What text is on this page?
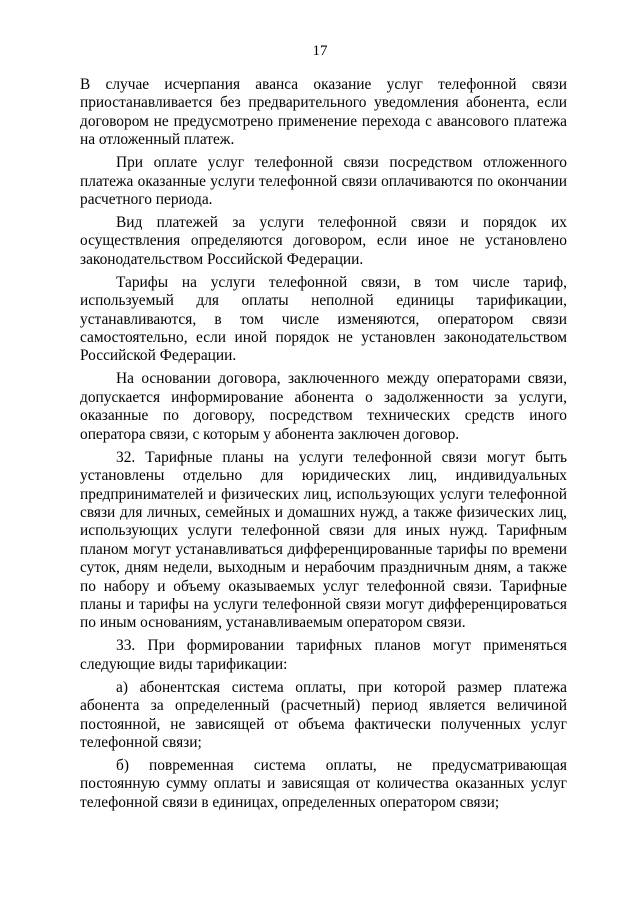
17

В случае исчерпания аванса оказание услуг телефонной связи приостанавливается без предварительного уведомления абонента, если договором не предусмотрено применение перехода с авансового платежа на отложенный платеж.

При оплате услуг телефонной связи посредством отложенного платежа оказанные услуги телефонной связи оплачиваются по окончании расчетного периода.

Вид платежей за услуги телефонной связи и порядок их осуществления определяются договором, если иное не установлено законодательством Российской Федерации.

Тарифы на услуги телефонной связи, в том числе тариф, используемый для оплаты неполной единицы тарификации, устанавливаются, в том числе изменяются, оператором связи самостоятельно, если иной порядок не установлен законодательством Российской Федерации.

На основании договора, заключенного между операторами связи, допускается информирование абонента о задолженности за услуги, оказанные по договору, посредством технических средств иного оператора связи, с которым у абонента заключен договор.

32. Тарифные планы на услуги телефонной связи могут быть установлены отдельно для юридических лиц, индивидуальных предпринимателей и физических лиц, использующих услуги телефонной связи для личных, семейных и домашних нужд, а также физических лиц, использующих услуги телефонной связи для иных нужд. Тарифным планом могут устанавливаться дифференцированные тарифы по времени суток, дням недели, выходным и нерабочим праздничным дням, а также по набору и объему оказываемых услуг телефонной связи. Тарифные планы и тарифы на услуги телефонной связи могут дифференцироваться по иным основаниям, устанавливаемым оператором связи.

33. При формировании тарифных планов могут применяться следующие виды тарификации:

а) абонентская система оплаты, при которой размер платежа абонента за определенный (расчетный) период является величиной постоянной, не зависящей от объема фактически полученных услуг телефонной связи;

б) повременная система оплаты, не предусматривающая постоянную сумму оплаты и зависящая от количества оказанных услуг телефонной связи в единицах, определенных оператором связи;
